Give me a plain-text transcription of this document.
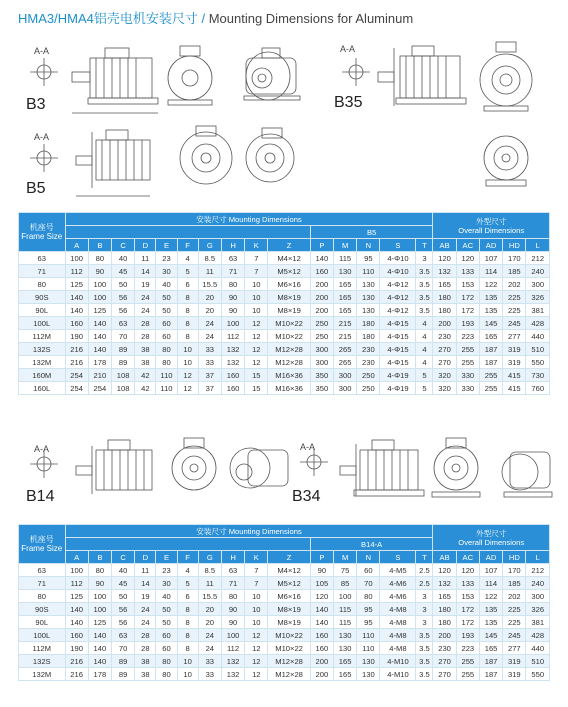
HMA3/HMA4铝壳电机安装尺寸 / Mounting Dimensions for Aluminum
A-A
B3
A-A
B35
A-A
B5
机座号
Frame Size	安装尺寸 Mounting Dimensions															外型尺寸
Overall Dimensions				
											B5									
	A	B	C	D	E	F	G	H	K	Z	P	M	N	S	T	AB	AC	AD	HD	L
63	100	80	40	11	23	4	8.5	63	7	M4×12	140	115	95	4-Φ10	3	120	120	107	170	212
71	112	90	45	14	30	5	11	71	7	M5×12	160	130	110	4-Φ10	3.5	132	133	114	185	240
80	125	100	50	19	40	6	15.5	80	10	M6×16	200	165	130	4-Φ12	3.5	165	153	122	202	300
90S	140	100	56	24	50	8	20	90	10	M8×19	200	165	130	4-Φ12	3.5	180	172	135	225	326
90L	140	125	56	24	50	8	20	90	10	M8×19	200	165	130	4-Φ12	3.5	180	172	135	225	381
100L	160	140	63	28	60	8	24	100	12	M10×22	250	215	180	4-Φ15	4	200	193	145	245	428
112M	190	140	70	28	60	8	24	112	12	M10×22	250	215	180	4-Φ15	4	230	223	165	277	440
132S	216	140	89	38	80	10	33	132	12	M12×28	300	265	230	4-Φ15	4	270	255	187	319	510
132M	216	178	89	38	80	10	33	132	12	M12×28	300	265	230	4-Φ15	4	270	255	187	319	550
160M	254	210	108	42	110	12	37	160	15	M16×36	350	300	250	4-Φ19	5	320	330	255	415	730
160L	254	254	108	42	110	12	37	160	15	M16×36	350	300	250	4-Φ19	5	320	330	255	415	760
A-A
B14
A-A
B34
机座号
Frame Size	安装尺寸 Mounting Dimensions															外型尺寸
Overall Dimensions				
											B14-A									
	A	B	C	D	E	F	G	H	K	Z	P	M	N	S	T	AB	AC	AD	HD	L
63	100	80	40	11	23	4	8.5	63	7	M4×12	90	75	60	4-M5	2.5	120	120	107	170	212
71	112	90	45	14	30	5	11	71	7	M5×12	105	85	70	4-M6	2.5	132	133	114	185	240
80	125	100	50	19	40	6	15.5	80	10	M6×16	120	100	80	4-M6	3	165	153	122	202	300
90S	140	100	56	24	50	8	20	90	10	M8×19	140	115	95	4-M8	3	180	172	135	225	326
90L	140	125	56	24	50	8	20	90	10	M8×19	140	115	95	4-M8	3	180	172	135	225	381
100L	160	140	63	28	60	8	24	100	12	M10×22	160	130	110	4-M8	3.5	200	193	145	245	428
112M	190	140	70	28	60	8	24	112	12	M10×22	160	130	110	4-M8	3.5	230	223	165	277	440
132S	216	140	89	38	80	10	33	132	12	M12×28	200	165	130	4-M10	3.5	270	255	187	319	510
132M	216	178	89	38	80	10	33	132	12	M12×28	200	165	130	4-M10	3.5	270	255	187	319	550
